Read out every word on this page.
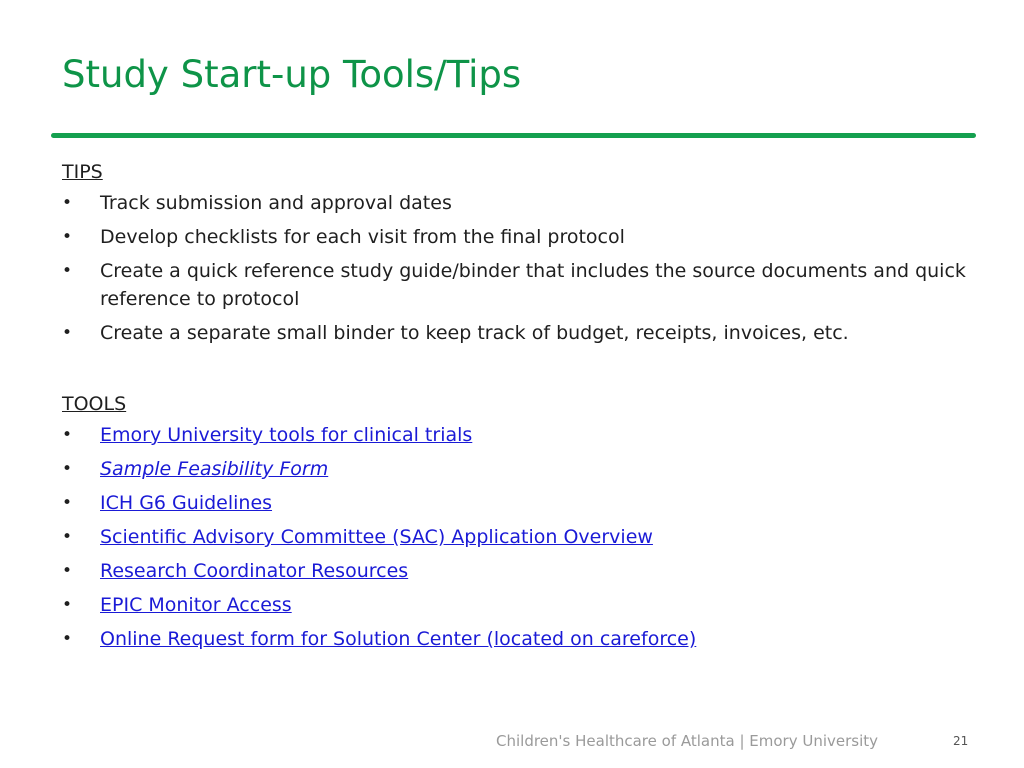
Study Start-up Tools/Tips
TIPS
• Track submission and approval dates
• Develop checklists for each visit from the final protocol
• Create a quick reference study guide/binder that includes the source documents and quick reference to protocol
• Create a separate small binder to keep track of budget, receipts, invoices, etc.
TOOLS
• Emory University tools for clinical trials
• Sample Feasibility Form
• ICH G6 Guidelines
• Scientific Advisory Committee (SAC) Application Overview
• Research Coordinator Resources
• EPIC Monitor Access
• Online Request form for Solution Center (located on careforce)
Children's Healthcare of Atlanta | Emory University	21
